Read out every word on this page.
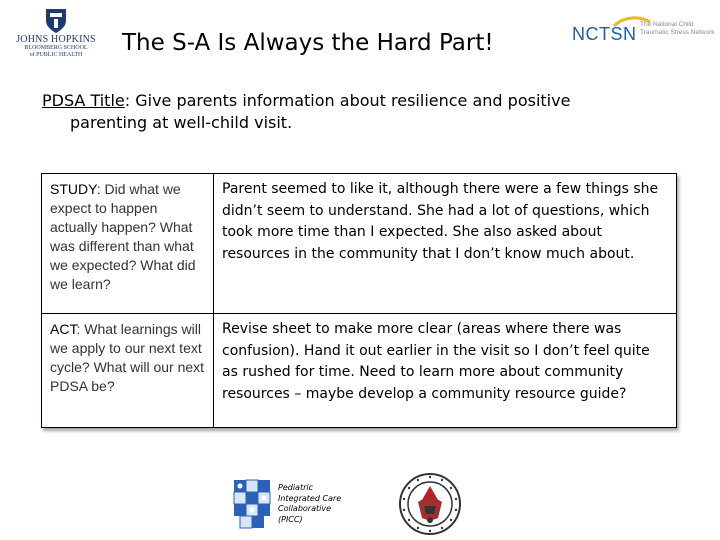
JOHNS HOPKINS
BLOOMBERG SCHOOL
of PUBLIC HEALTH	The S-A Is Always the Hard Part!	NCTSN The National Child
Traumatic Stress Network
PDSA Title: Give parents information about resilience and positive
parenting at well-child visit.
STUDY: Did what we expect to happen actually happen? What was different than what we expected? What did we learn?	Parent seemed to like it, although there were a few things she didn’t seem to understand. She had a lot of questions, which took more time than I expected. She also asked about resources in the community that I don’t know much about.
ACT: What learnings will we apply to our next text cycle? What will our next PDSA be?	Revise sheet to make more clear (areas where there was confusion). Hand it out earlier in the visit so I don’t feel quite as rushed for time. Need to learn more about community resources – maybe develop a community resource guide?
Pediatric
Integrated Care
Collaborative
(PICC)
